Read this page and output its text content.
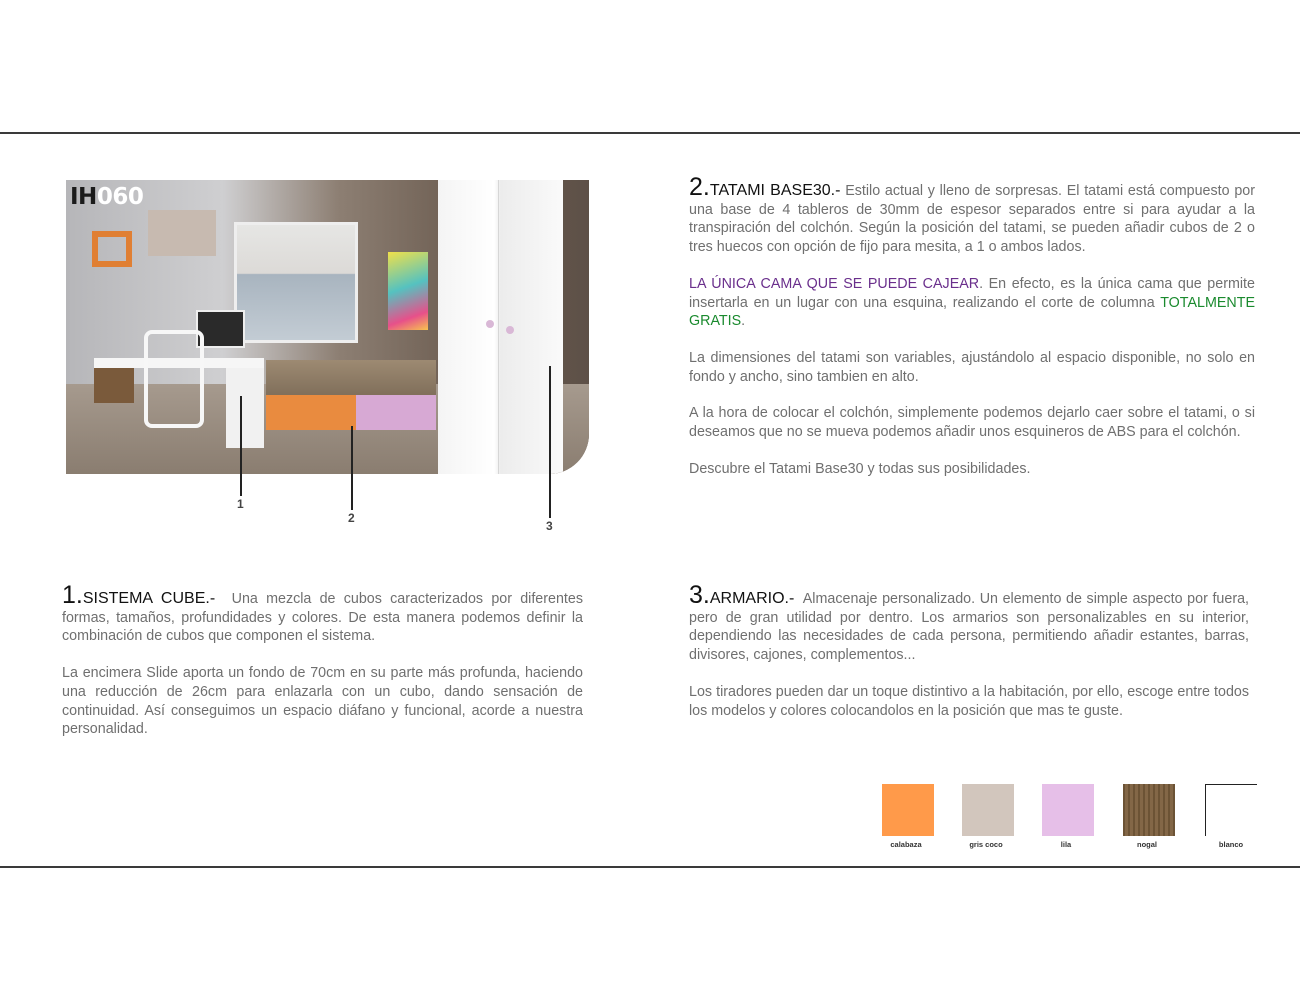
IH060
1
2
3

2.TATAMI BASE30.- Estilo actual y lleno de sorpresas. El tatami está compuesto por una base de 4 tableros de 30mm de espesor separados entre si para ayudar a la transpiración del colchón. Según la posición del tatami, se pueden añadir cubos de 2 o tres huecos con opción de fijo para mesita, a 1 o ambos lados.

LA ÚNICA CAMA QUE SE PUEDE CAJEAR. En efecto, es la única cama que permite insertarla en un lugar con una esquina, realizando el corte de columna TOTALMENTE GRATIS.

La dimensiones del tatami son variables, ajustándolo al espacio disponible, no solo en fondo y ancho, sino tambien en alto.

A la hora de colocar el colchón, simplemente podemos dejarlo caer sobre el tatami, o si deseamos que no se mueva podemos añadir unos esquineros de ABS para el colchón.

Descubre el Tatami Base30 y todas sus posibilidades.

1.SISTEMA CUBE.- Una mezcla de cubos caracterizados por diferentes formas, tamaños, profundidades y colores. De esta manera podemos definir la combinación de cubos que componen el sistema.

La encimera Slide aporta un fondo de 70cm en su parte más profunda, haciendo una reducción de 26cm para enlazarla con un cubo, dando sensación de continuidad. Así conseguimos un espacio diáfano y funcional, acorde a nuestra personalidad.

3.ARMARIO.- Almacenaje personalizado. Un elemento de simple aspecto por fuera, pero de gran utilidad por dentro. Los armarios son personalizables en su interior, dependiendo las necesidades de cada persona, permitiendo añadir estantes, barras, divisores, cajones, complementos...

Los tiradores pueden dar un toque distintivo a la habitación, por ello, escoge entre todos los modelos y colores colocandolos en la posición que mas te guste.

calabaza	gris coco	lila	nogal	blanco
